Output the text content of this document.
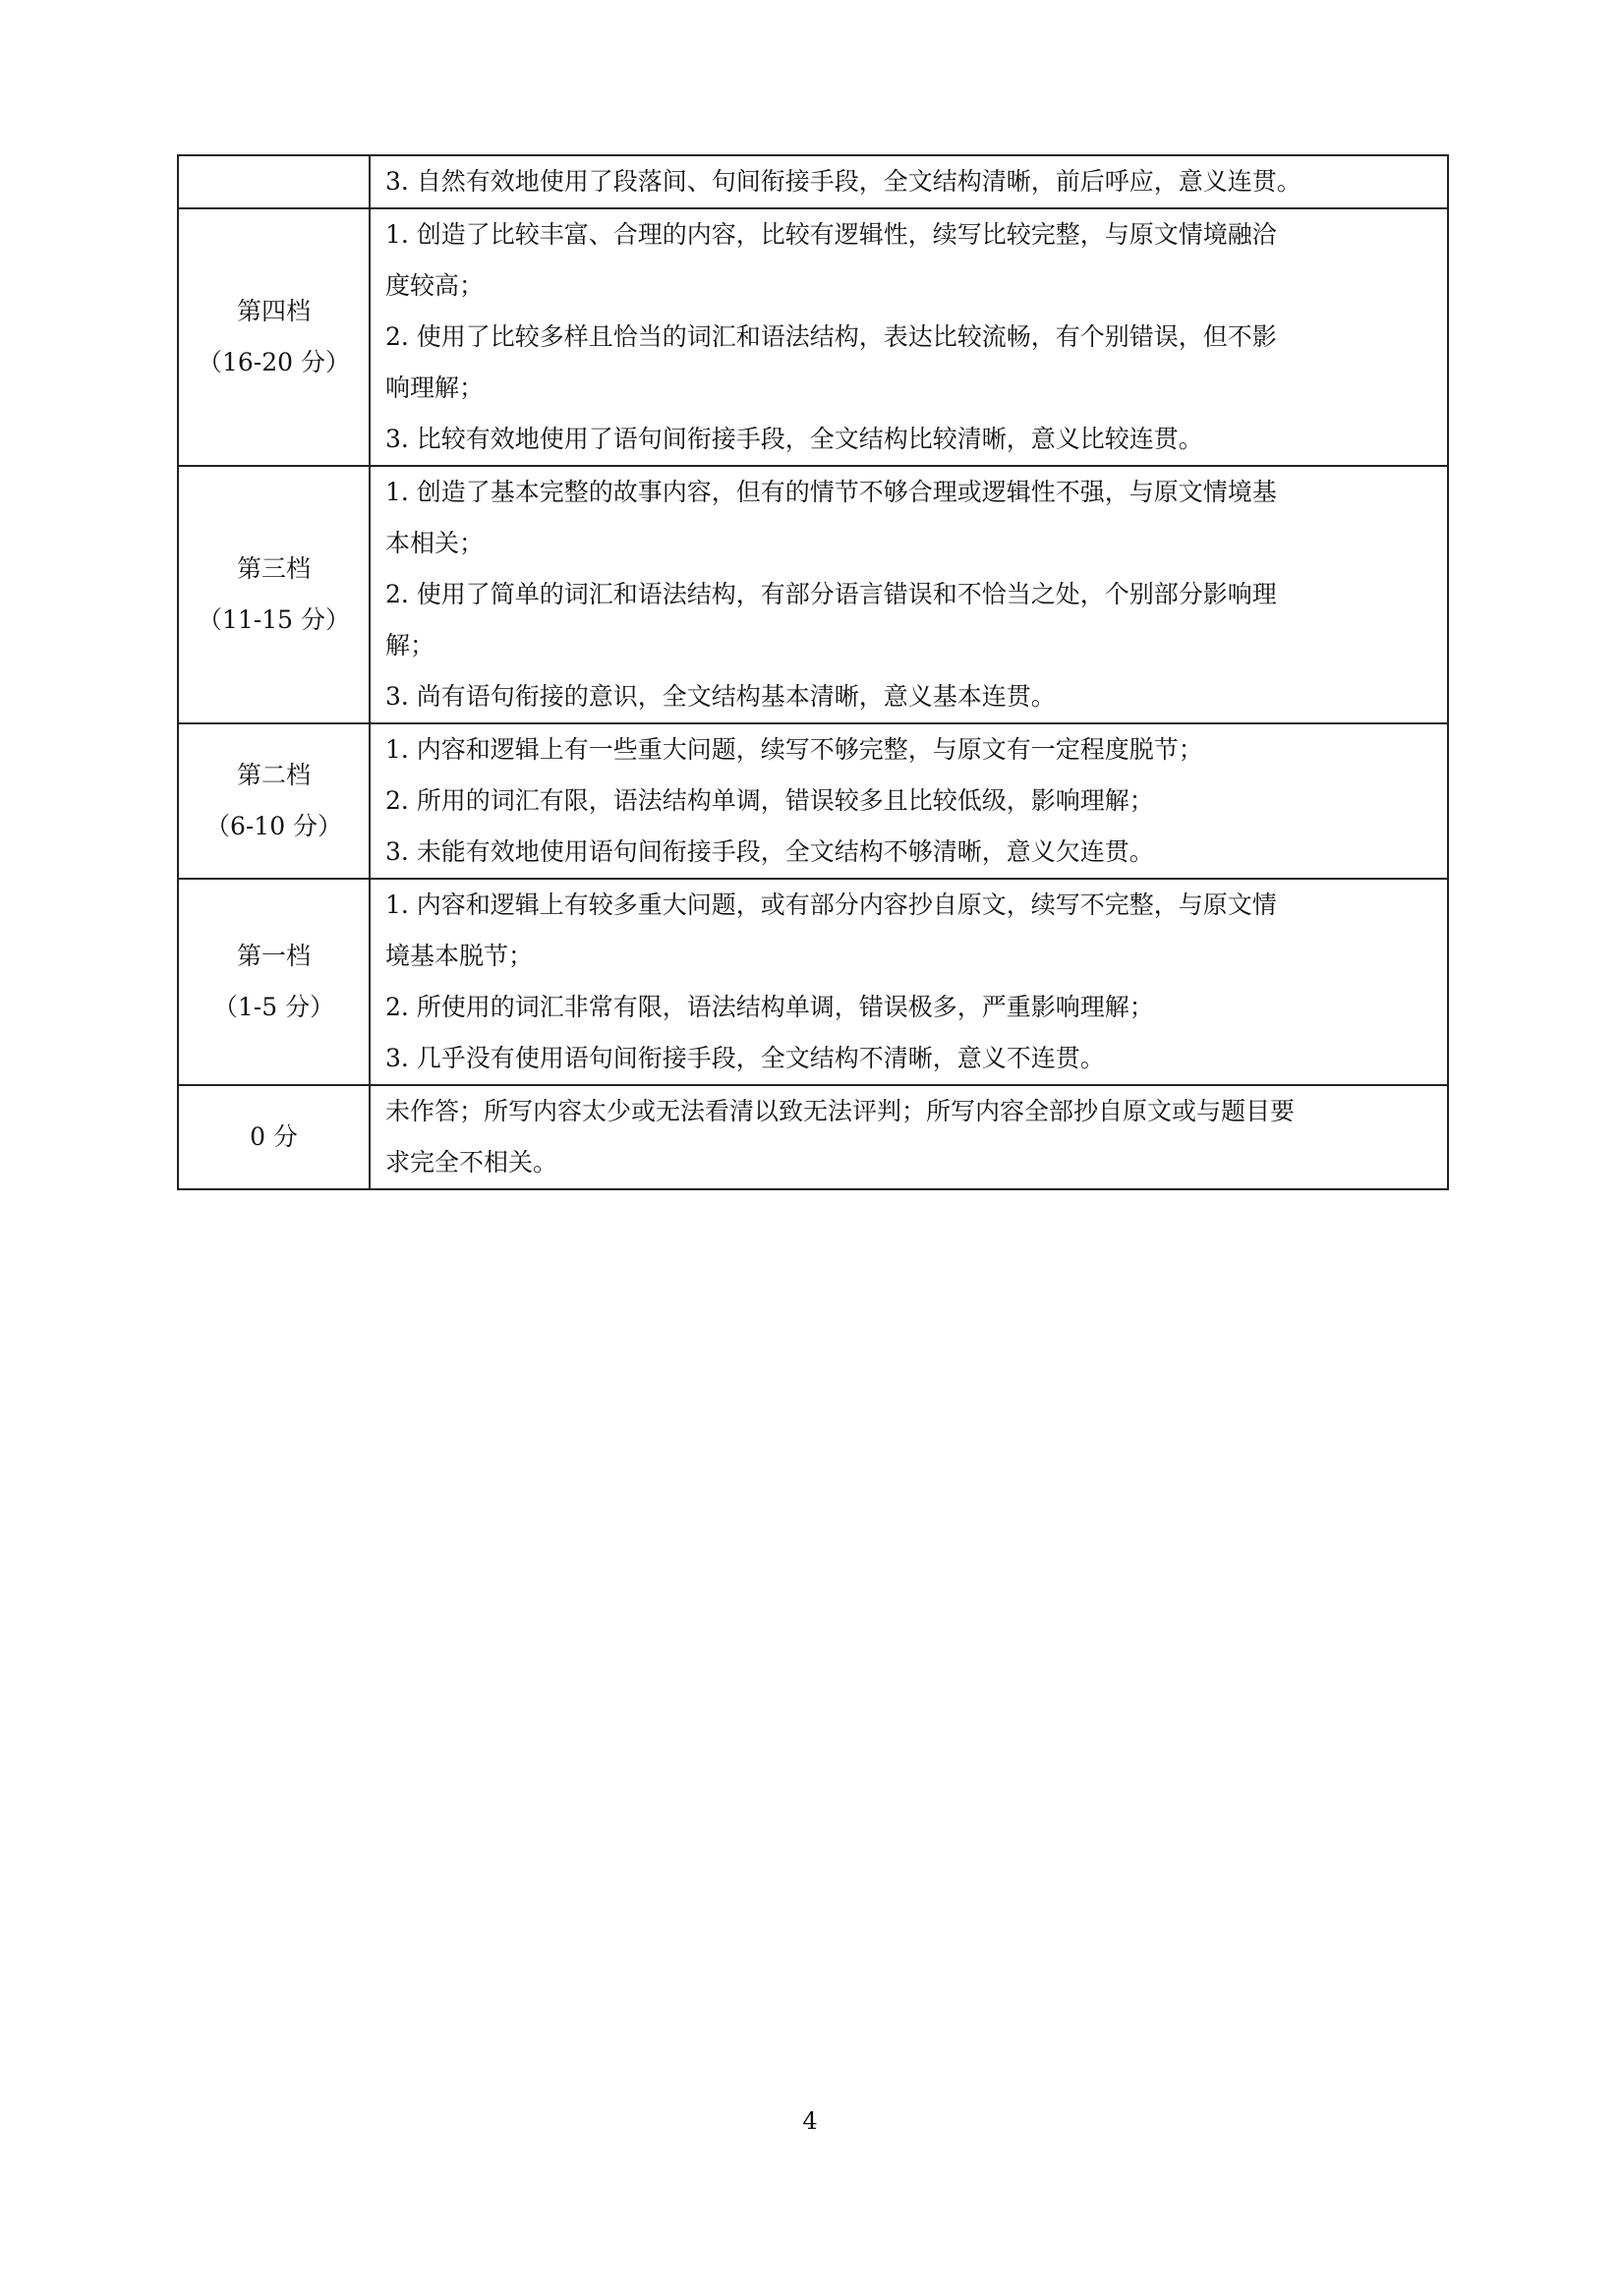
	3. 自然有效地使用了段落间、句间衔接手段，全文结构清晰，前后呼应，意义连贯。

第四档
（16-20 分）	1. 创造了比较丰富、合理的内容，比较有逻辑性，续写比较完整，与原文情境融洽
度较高；
2. 使用了比较多样且恰当的词汇和语法结构，表达比较流畅，有个别错误，但不影
响理解；
3. 比较有效地使用了语句间衔接手段，全文结构比较清晰，意义比较连贯。

第三档
（11-15 分）	1. 创造了基本完整的故事内容，但有的情节不够合理或逻辑性不强，与原文情境基
本相关；
2. 使用了简单的词汇和语法结构，有部分语言错误和不恰当之处，个别部分影响理
解；
3. 尚有语句衔接的意识，全文结构基本清晰，意义基本连贯。

第二档
（6-10 分）	1. 内容和逻辑上有一些重大问题，续写不够完整，与原文有一定程度脱节；
2. 所用的词汇有限，语法结构单调，错误较多且比较低级，影响理解；
3. 未能有效地使用语句间衔接手段，全文结构不够清晰，意义欠连贯。

第一档
（1-5 分）	1. 内容和逻辑上有较多重大问题，或有部分内容抄自原文，续写不完整，与原文情
境基本脱节；
2. 所使用的词汇非常有限，语法结构单调，错误极多，严重影响理解；
3. 几乎没有使用语句间衔接手段，全文结构不清晰，意义不连贯。

0 分	未作答；所写内容太少或无法看清以致无法评判；所写内容全部抄自原文或与题目要
求完全不相关。
4
